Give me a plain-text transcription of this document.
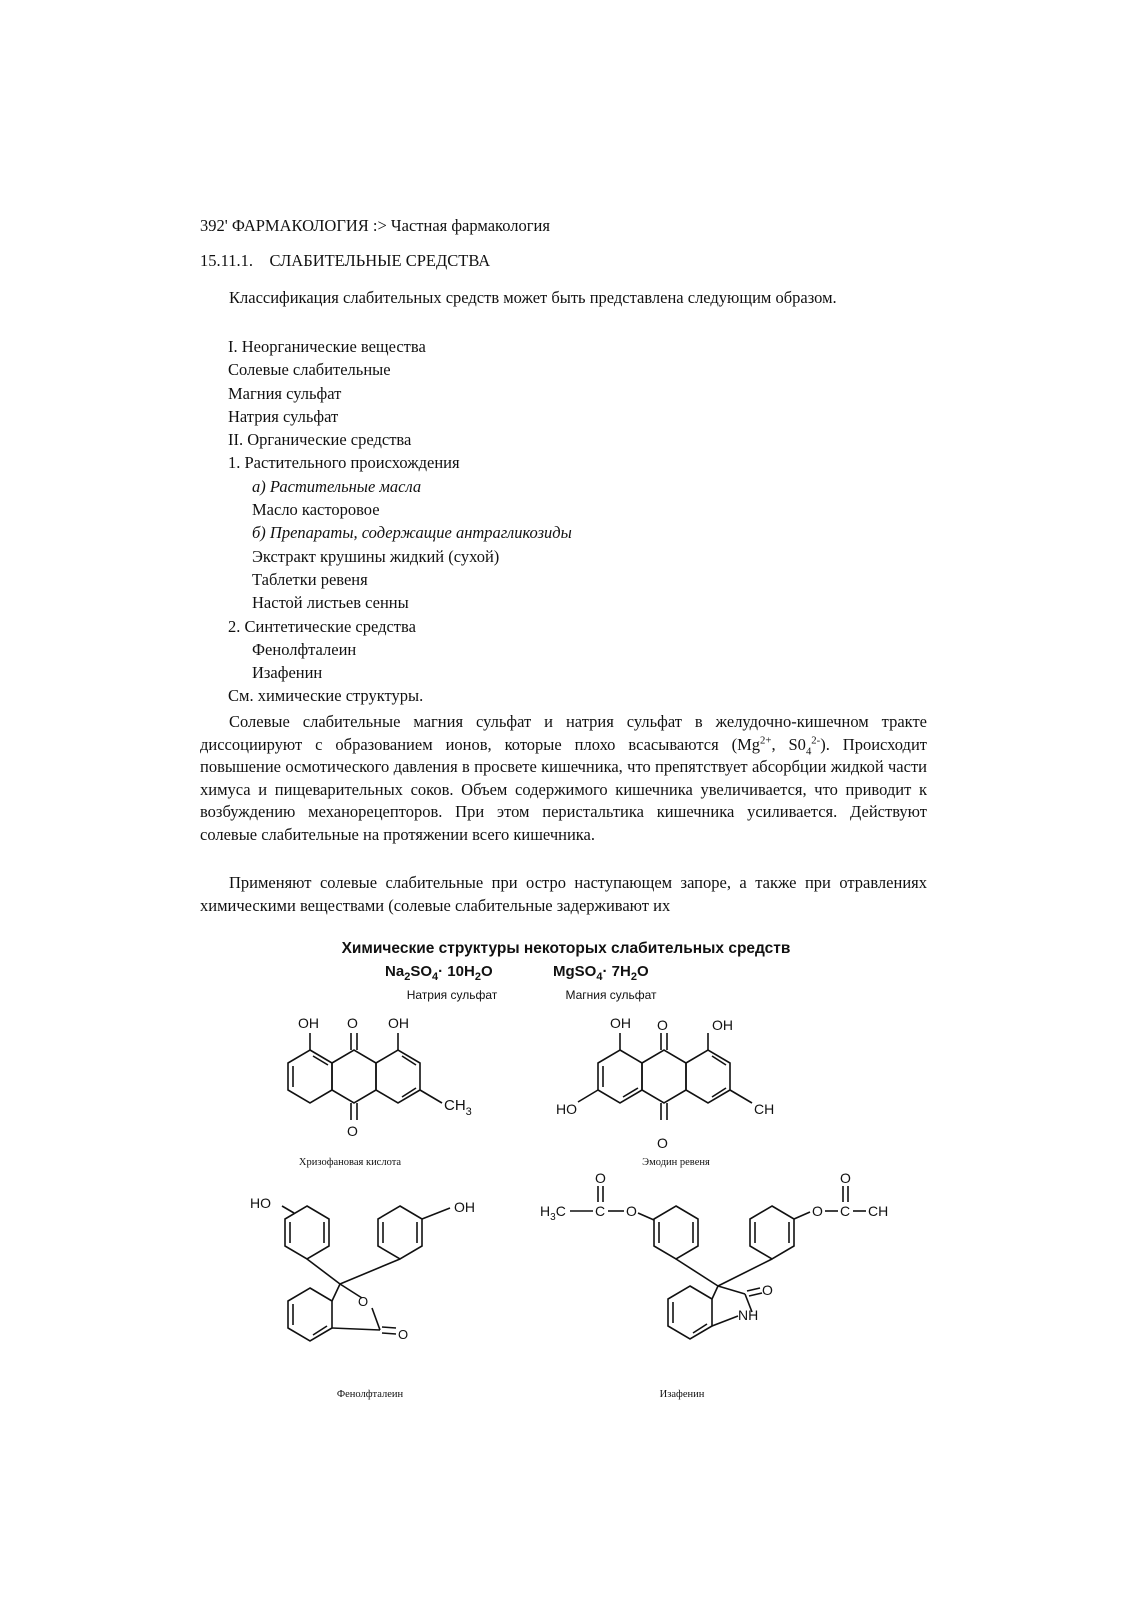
392' ФАРМАКОЛОГИЯ :> Частная фармакология
15.11.1.    СЛАБИТЕЛЬНЫЕ СРЕДСТВА

Классификация слабительных средств может быть представлена следующим образом.

I. Неорганические вещества
Солевые слабительные
Магния сульфат
Натрия сульфат
II. Органические средства
1. Растительного происхождения
а) Растительные масла
Масло касторовое
б) Препараты, содержащие антрагликозиды
Экстракт крушины жидкий (сухой)
Таблетки ревеня
Настой листьев сенны
2. Синтетические средства
Фенолфталеин
Изафенин
См. химические структуры.

Солевые слабительные магния сульфат и натрия сульфат в желудочно-кишечном тракте диссоциируют с образованием ионов, которые плохо всасываются ($Mg^{2+}$, $S0_4^{2-}$). Происходит повышение осмотического давления в просвете кишечника, что препятствует абсорбции жидкой части химуса и пищеварительных соков. Объем содержимого кишечника увеличивается, что приводит к возбуждению механорецепторов. При этом перистальтика кишечника усиливается. Действуют солевые слабительные на протяжении всего кишечника.

Применяют солевые слабительные при остро наступающем запоре, а также при отравлениях химическими веществами (солевые слабительные задерживают их

Химические структуры некоторых слабительных средств
$Na_2SO_4\cdot 10H_2O$
Натрия сульфат
MgSO$_4$· $7H_2O$
Магния сульфат
OH O OH
O
$CH_3$
Хризофановая кислота
OH O	OH
HO	CH
O
Эмодин ревеня
O
O
HO	OH
Фенолфталеин
$H_3C$ C
O
O	O C
O
CH
O
NH
Изафенин
